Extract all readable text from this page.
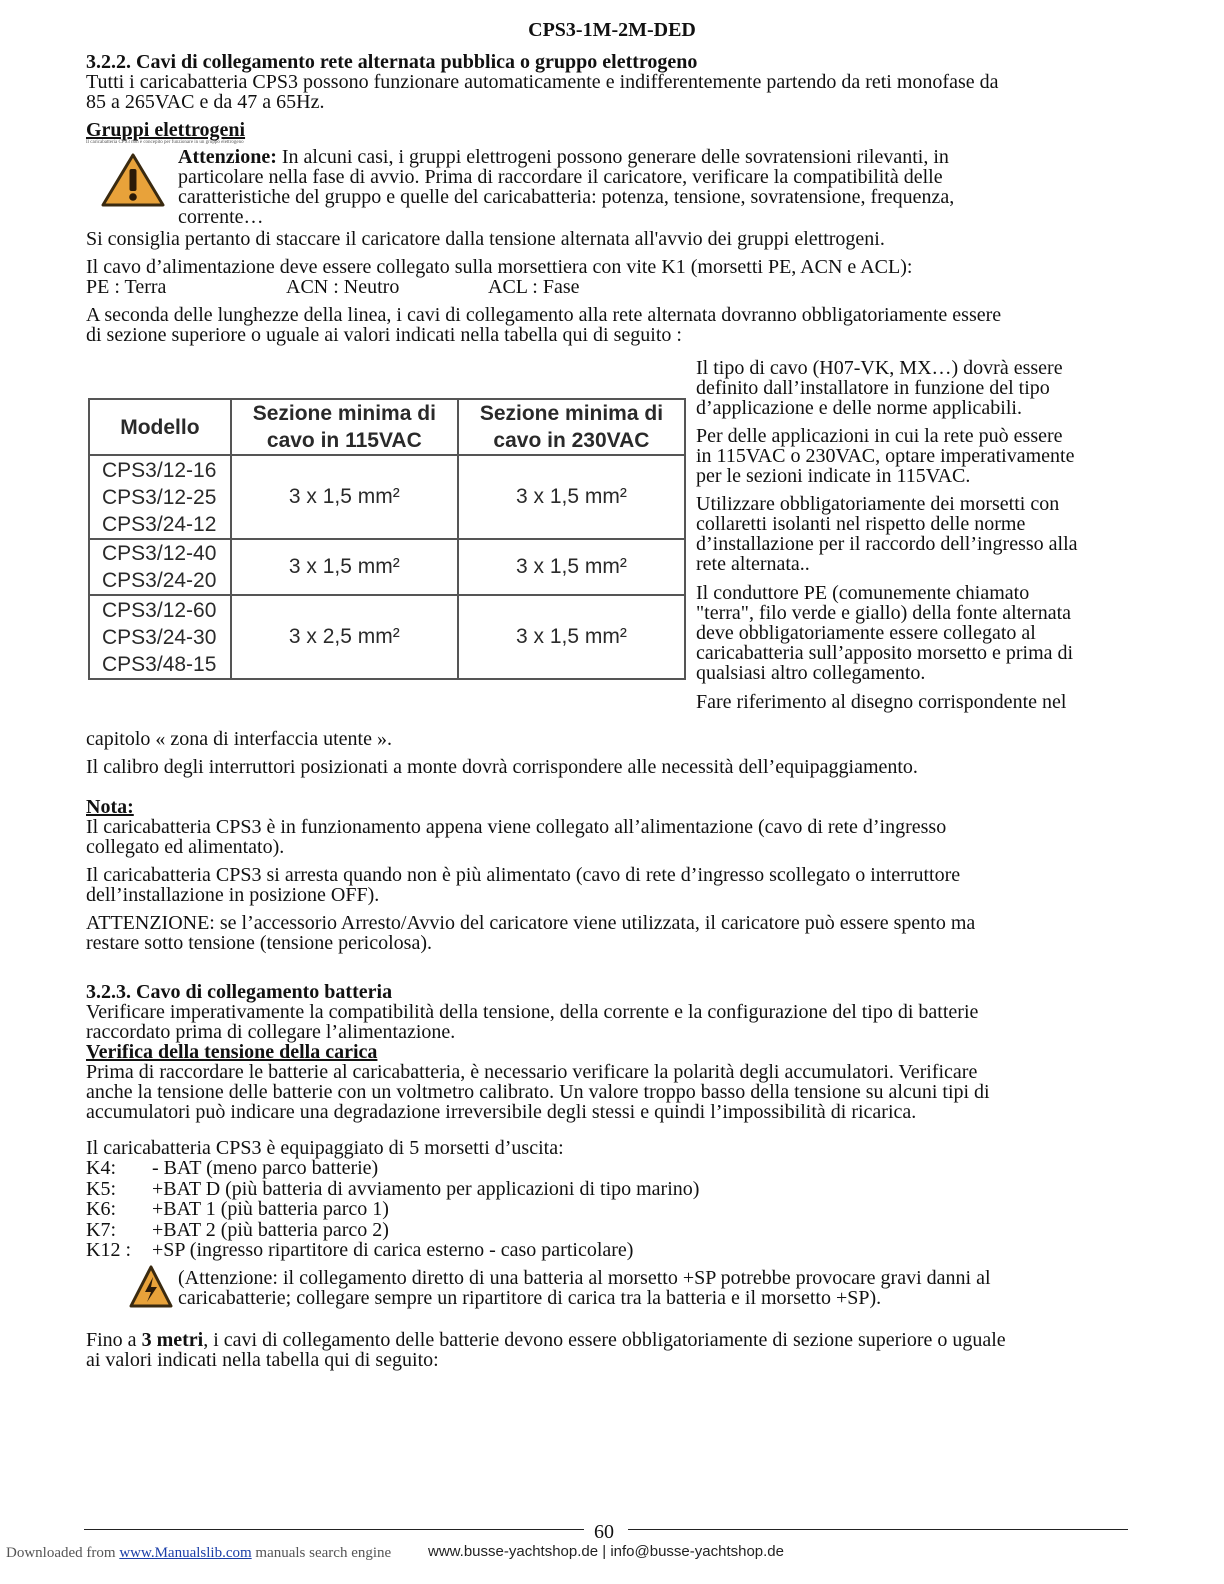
CPS3-1M-2M-DED

3.2.2. Cavi di collegamento rete alternata pubblica o gruppo elettrogeno

Tutti i caricabatteria CPS3 possono funzionare automaticamente e indifferentemente partendo da reti monofase da

85 a 265VAC e da 47 a 65Hz.

Gruppi elettrogeni

Il caricabatteria CPS3 non è concepito per funzionare in un gruppo elettrogeno

Attenzione: In alcuni casi, i gruppi elettrogeni possono generare delle sovratensioni rilevanti, in

particolare nella fase di avvio. Prima di raccordare il caricatore, verificare la compatibilità delle

caratteristiche del gruppo e quelle del caricabatteria: potenza, tensione, sovratensione, frequenza,

corrente…

Si consiglia pertanto di staccare il caricatore dalla tensione alternata all'avvio dei gruppi elettrogeni.

Il cavo d’alimentazione deve essere collegato sulla morsettiera con vite K1 (morsetti PE, ACN e ACL):

PE : Terra	ACN : Neutro	ACL : Fase

A seconda delle lunghezze della linea, i cavi di collegamento alla rete alternata dovranno obbligatoriamente essere

di sezione superiore o uguale ai valori indicati nella tabella qui di seguito :

Modello	Sezione minima di cavo in 115VAC	Sezione minima di cavo in 230VAC

CPS3/12-16
CPS3/12-25
CPS3/24-12	3 x 1,5 mm²	3 x 1,5 mm²

CPS3/12-40
CPS3/24-20	3 x 1,5 mm²	3 x 1,5 mm²

CPS3/12-60
CPS3/24-30
CPS3/48-15	3 x 2,5 mm²	3 x 1,5 mm²

Il tipo di cavo (H07-VK, MX…) dovrà essere

definito dall’installatore in funzione del tipo

d’applicazione e delle norme applicabili.

Per delle applicazioni in cui la rete può essere

in 115VAC o 230VAC, optare imperativamente

per le sezioni indicate in 115VAC.

Utilizzare obbligatoriamente dei morsetti con

collaretti isolanti nel rispetto delle norme

d’installazione per il raccordo dell’ingresso alla

rete alternata..

Il conduttore PE (comunemente chiamato

"terra", filo verde e giallo) della fonte alternata

deve obbligatoriamente essere collegato al

caricabatteria sull’apposito morsetto e prima di

qualsiasi altro collegamento.

Fare riferimento al disegno corrispondente nel

capitolo « zona di interfaccia utente ».

Il calibro degli interruttori posizionati a monte dovrà corrispondere alle necessità dell’equipaggiamento.

Nota:

Il caricabatteria CPS3 è in funzionamento appena viene collegato all’alimentazione (cavo di rete d’ingresso

collegato ed alimentato).

Il caricabatteria CPS3 si arresta quando non è più alimentato (cavo di rete d’ingresso scollegato o interruttore

dell’installazione in posizione OFF).

ATTENZIONE: se l’accessorio Arresto/Avvio del caricatore viene utilizzata, il caricatore può essere spento ma

restare sotto tensione (tensione pericolosa).

3.2.3. Cavo di collegamento batteria

Verificare imperativamente la compatibilità della tensione, della corrente e la configurazione del tipo di batterie

raccordato prima di collegare l’alimentazione.

Verifica della tensione della carica

Prima di raccordare le batterie al caricabatteria, è necessario verificare la polarità degli accumulatori. Verificare

anche la tensione delle batterie con un voltmetro calibrato. Un valore troppo basso della tensione su alcuni tipi di

accumulatori può indicare una degradazione irreversibile degli stessi e quindi l’impossibilità di ricarica.

Il caricabatteria CPS3 è equipaggiato di 5 morsetti d’uscita:

K4: - BAT (meno parco batterie)
K5: +BAT D (più batteria di avviamento per applicazioni di tipo marino)
K6: +BAT 1 (più batteria parco 1)
K7: +BAT 2 (più batteria parco 2)
K12 : +SP (ingresso ripartitore di carica esterno - caso particolare)

(Attenzione: il collegamento diretto di una batteria al morsetto +SP potrebbe provocare gravi danni al

caricabatterie; collegare sempre un ripartitore di carica tra la batteria e il morsetto +SP).

Fino a 3 metri, i cavi di collegamento delle batterie devono essere obbligatoriamente di sezione superiore o uguale

ai valori indicati nella tabella qui di seguito:

60
Downloaded from www.Manualslib.com manuals search engine www.busse-yachtshop.de | info@busse-yachtshop.de
